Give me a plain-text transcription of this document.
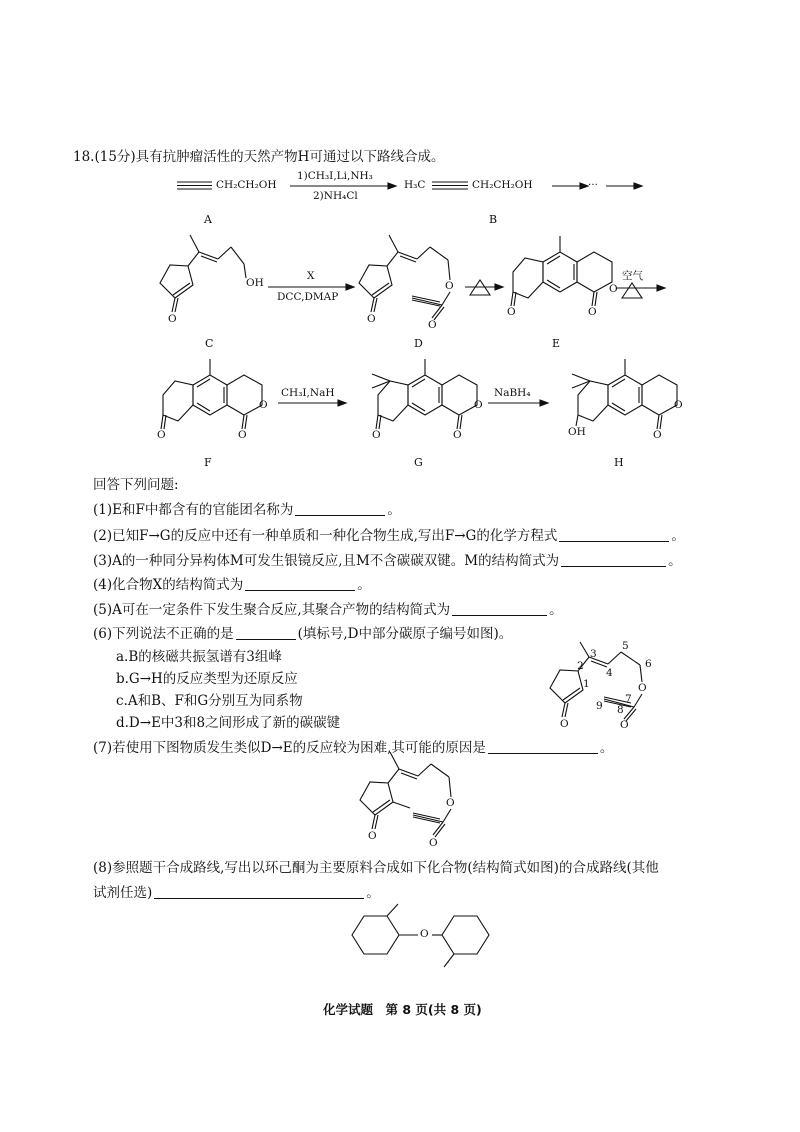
18.(15分)具有抗肿瘤活性的天然产物H可通过以下路线合成。
CH₂CH₂OH
1)CH₃I,Li,NH₃
2)NH₄Cl
H₃C	CH₂CH₂OH	···
A	B
OH
O
X
DCC,DMAP
O
O
O
O	O
O
空气
C	D	E
O	O
O
CH₃I,NaH
O	O
O
NaBH₄
OH	O
O
F	G	H
回答下列问题:
(1)E和F中都含有的官能团名称为	。
(2)已知F→G的反应中还有一种单质和一种化合物生成,写出F→G的化学方程式	。
(3)A的一种同分异构体M可发生银镜反应,且M不含碳碳双键。M的结构简式为	。
(4)化合物X的结构简式为	。
(5)A可在一定条件下发生聚合反应,其聚合产物的结构简式为	。
(6)下列说法不正确的是	(填标号,D中部分碳原子编号如图)。
a.B的核磁共振氢谱有3组峰
b.G→H的反应类型为还原反应
c.A和B、F和G分别互为同系物
d.D→E中3和8之间形成了新的碳碳键	O
O
O
1
2
3
4
5
6
7
8
9
(7)若使用下图物质发生类似D→E的反应较为困难,其可能的原因是	。
O
O
O
(8)参照题干合成路线,写出以环己酮为主要原料合成如下化合物(结构简式如图)的合成路线(其他
试剂任选)	。
O
化学试题　第 8 页(共 8 页)
